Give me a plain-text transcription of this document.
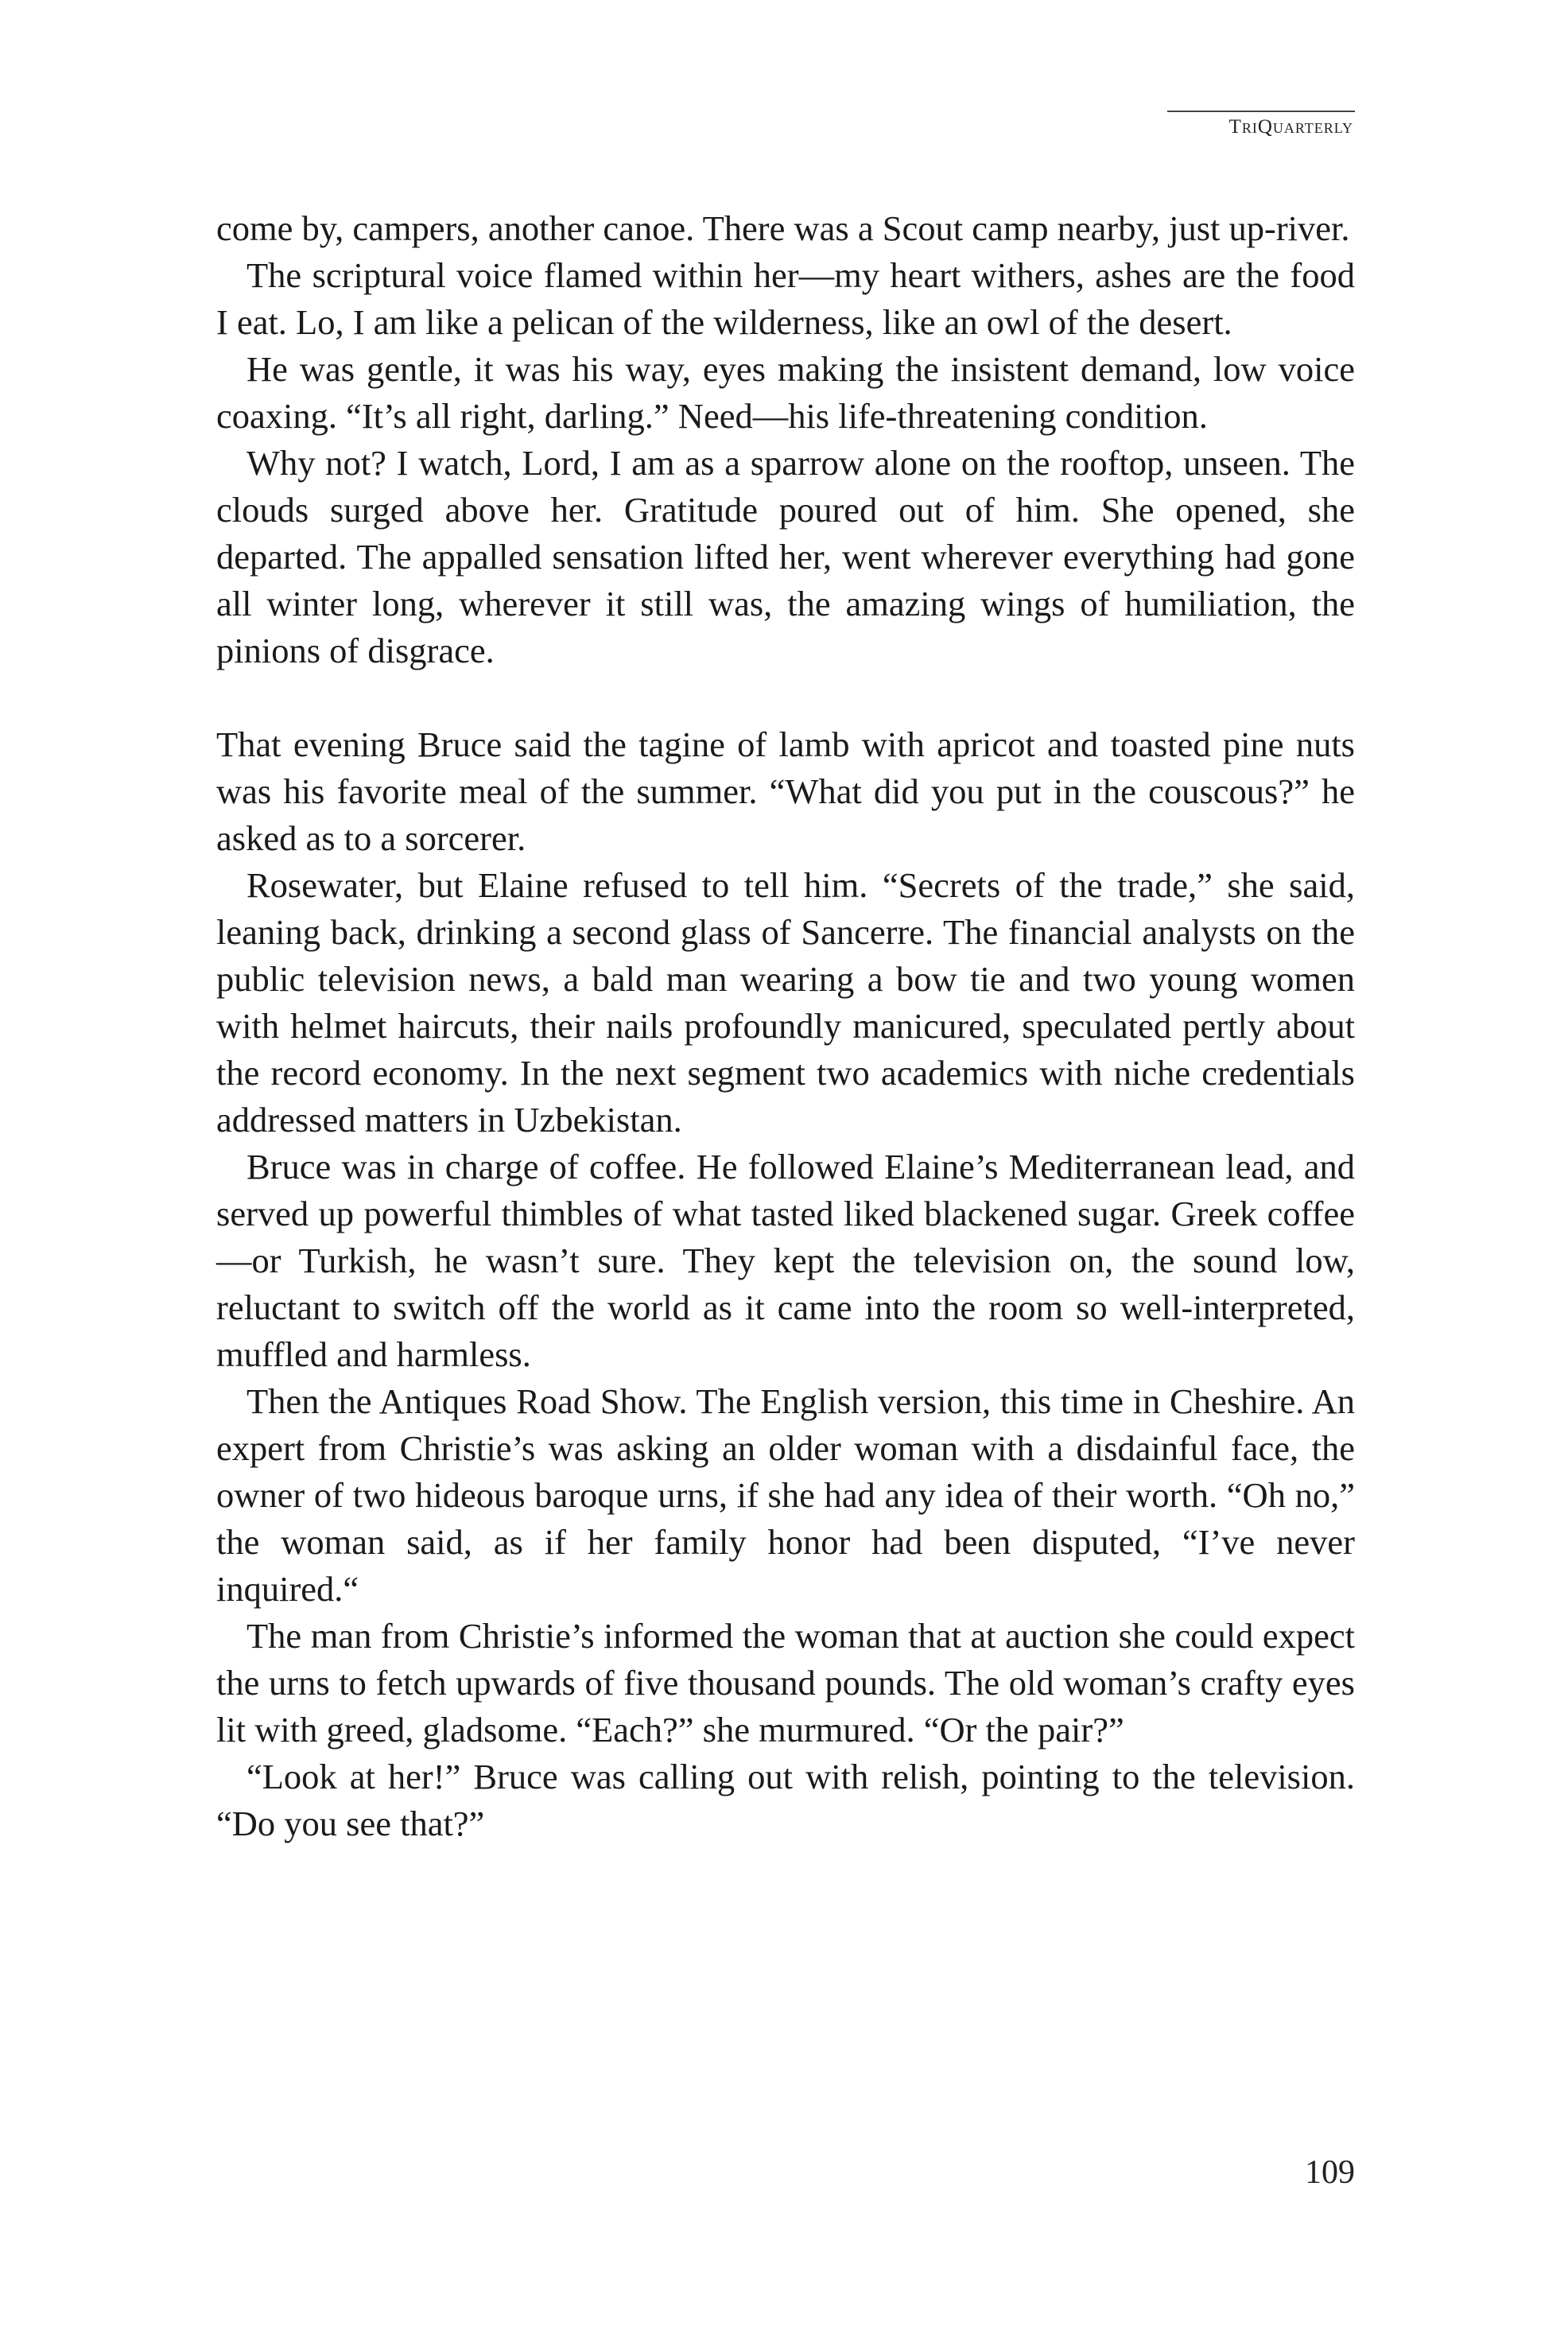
TriQuarterly

come by, campers, another canoe. There was a Scout camp nearby, just up-river.

The scriptural voice flamed within her—my heart withers, ashes are the food I eat. Lo, I am like a pelican of the wilderness, like an owl of the desert.

He was gentle, it was his way, eyes making the insistent demand, low voice coaxing. “It’s all right, darling.” Need—his life-threatening condition.

Why not? I watch, Lord, I am as a sparrow alone on the rooftop, unseen. The clouds surged above her. Gratitude poured out of him. She opened, she departed. The appalled sensation lifted her, went wherever everything had gone all winter long, wherever it still was, the amazing wings of humiliation, the pinions of disgrace.

That evening Bruce said the tagine of lamb with apricot and toasted pine nuts was his favorite meal of the summer. “What did you put in the couscous?” he asked as to a sorcerer.

Rosewater, but Elaine refused to tell him. “Secrets of the trade,” she said, leaning back, drinking a second glass of Sancerre. The financial analysts on the public television news, a bald man wearing a bow tie and two young women with helmet haircuts, their nails profoundly manicured, speculated pertly about the record economy. In the next segment two academics with niche credentials addressed matters in Uzbekistan.

Bruce was in charge of coffee. He followed Elaine’s Mediterranean lead, and served up powerful thimbles of what tasted liked blackened sugar. Greek coffee—or Turkish, he wasn’t sure. They kept the television on, the sound low, reluctant to switch off the world as it came into the room so well-interpreted, muffled and harmless.

Then the Antiques Road Show. The English version, this time in Cheshire. An expert from Christie’s was asking an older woman with a disdainful face, the owner of two hideous baroque urns, if she had any idea of their worth. “Oh no,” the woman said, as if her family honor had been disputed, “I’ve never inquired.“

The man from Christie’s informed the woman that at auction she could expect the urns to fetch upwards of five thousand pounds. The old woman’s crafty eyes lit with greed, gladsome. “Each?” she murmured. “Or the pair?”

“Look at her!” Bruce was calling out with relish, pointing to the television. “Do you see that?”

109
